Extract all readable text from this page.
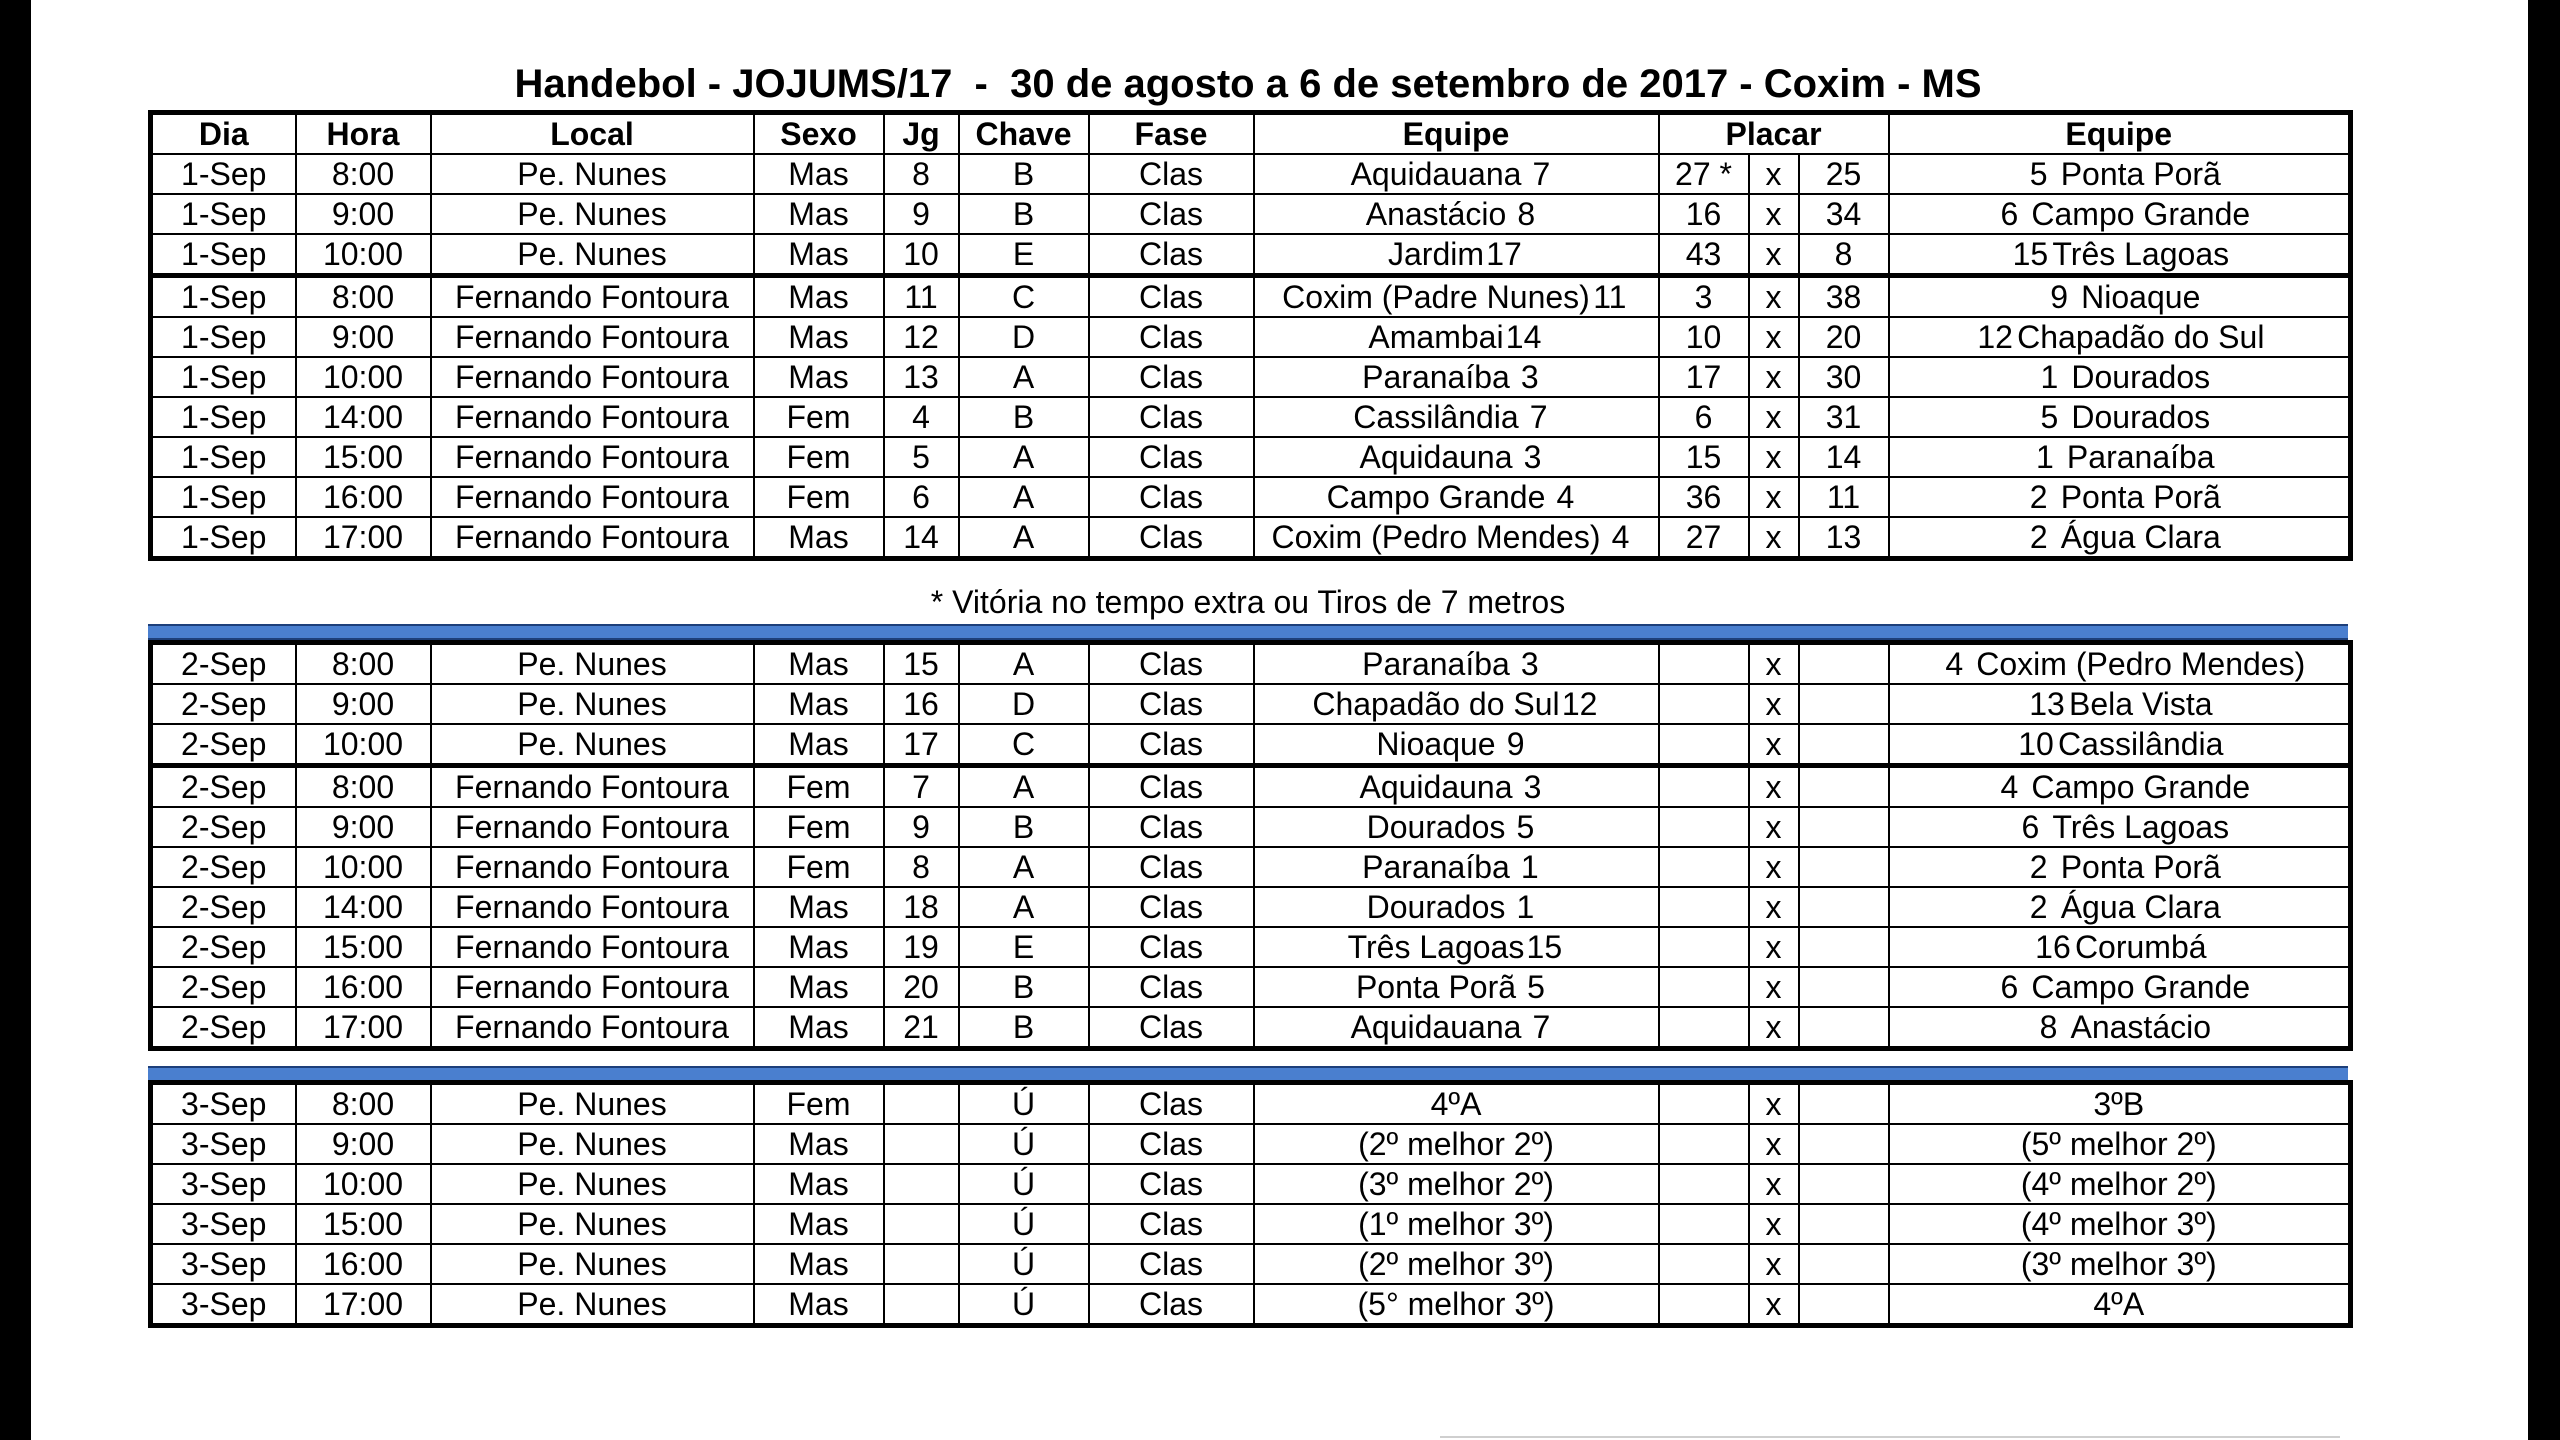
Handebol - JOJUMS/17  -  30 de agosto a 6 de setembro de 2017 - Coxim - MS
Dia	Hora	Local	Sexo	Jg	Chave	Fase	Equipe	Placar			Equipe
1-Sep	8:00	Pe. Nunes	Mas	8	B	Clas	Aquidauana 7	27 *	x	25	5 Ponta Porã
1-Sep	9:00	Pe. Nunes	Mas	9	B	Clas	Anastácio 8	16	x	34	6 Campo Grande
1-Sep	10:00	Pe. Nunes	Mas	10	E	Clas	Jardim17	43	x	8	15 Três Lagoas
1-Sep	8:00	Fernando Fontoura	Mas	11	C	Clas	Coxim (Padre Nunes) 11	3	x	38	9 Nioaque
1-Sep	9:00	Fernando Fontoura	Mas	12	D	Clas	Amambai14	10	x	20	12 Chapadão do Sul
1-Sep	10:00	Fernando Fontoura	Mas	13	A	Clas	Paranaíba 3	17	x	30	1 Dourados
1-Sep	14:00	Fernando Fontoura	Fem	4	B	Clas	Cassilândia 7	6	x	31	5 Dourados
1-Sep	15:00	Fernando Fontoura	Fem	5	A	Clas	Aquidauna 3	15	x	14	1 Paranaíba
1-Sep	16:00	Fernando Fontoura	Fem	6	A	Clas	Campo Grande 4	36	x	11	2 Ponta Porã
1-Sep	17:00	Fernando Fontoura	Mas	14	A	Clas	Coxim (Pedro Mendes) 4	27	x	13	2 Água Clara
* Vitória no tempo extra ou Tiros de 7 metros
2-Sep	8:00	Pe. Nunes	Mas	15	A	Clas	Paranaíba 3		x		4 Coxim (Pedro Mendes)
2-Sep	9:00	Pe. Nunes	Mas	16	D	Clas	Chapadão do Sul12		x		13 Bela Vista
2-Sep	10:00	Pe. Nunes	Mas	17	C	Clas	Nioaque 9		x		10 Cassilândia
2-Sep	8:00	Fernando Fontoura	Fem	7	A	Clas	Aquidauna 3		x		4 Campo Grande
2-Sep	9:00	Fernando Fontoura	Fem	9	B	Clas	Dourados 5		x		6 Três Lagoas
2-Sep	10:00	Fernando Fontoura	Fem	8	A	Clas	Paranaíba 1		x		2 Ponta Porã
2-Sep	14:00	Fernando Fontoura	Mas	18	A	Clas	Dourados 1		x		2 Água Clara
2-Sep	15:00	Fernando Fontoura	Mas	19	E	Clas	Três Lagoas15		x		16 Corumbá
2-Sep	16:00	Fernando Fontoura	Mas	20	B	Clas	Ponta Porã 5		x		6 Campo Grande
2-Sep	17:00	Fernando Fontoura	Mas	21	B	Clas	Aquidauana 7		x		8 Anastácio
3-Sep	8:00	Pe. Nunes	Fem		Ú	Clas	4ºA		x		3ºB
3-Sep	9:00	Pe. Nunes	Mas		Ú	Clas	(2º melhor 2º)		x		(5º melhor 2º)
3-Sep	10:00	Pe. Nunes	Mas		Ú	Clas	(3º melhor 2º)		x		(4º melhor 2º)
3-Sep	15:00	Pe. Nunes	Mas		Ú	Clas	(1º melhor 3º)		x		(4º melhor 3º)
3-Sep	16:00	Pe. Nunes	Mas		Ú	Clas	(2º melhor 3º)		x		(3º melhor 3º)
3-Sep	17:00	Pe. Nunes	Mas		Ú	Clas	(5° melhor 3º)		x		4ºA
